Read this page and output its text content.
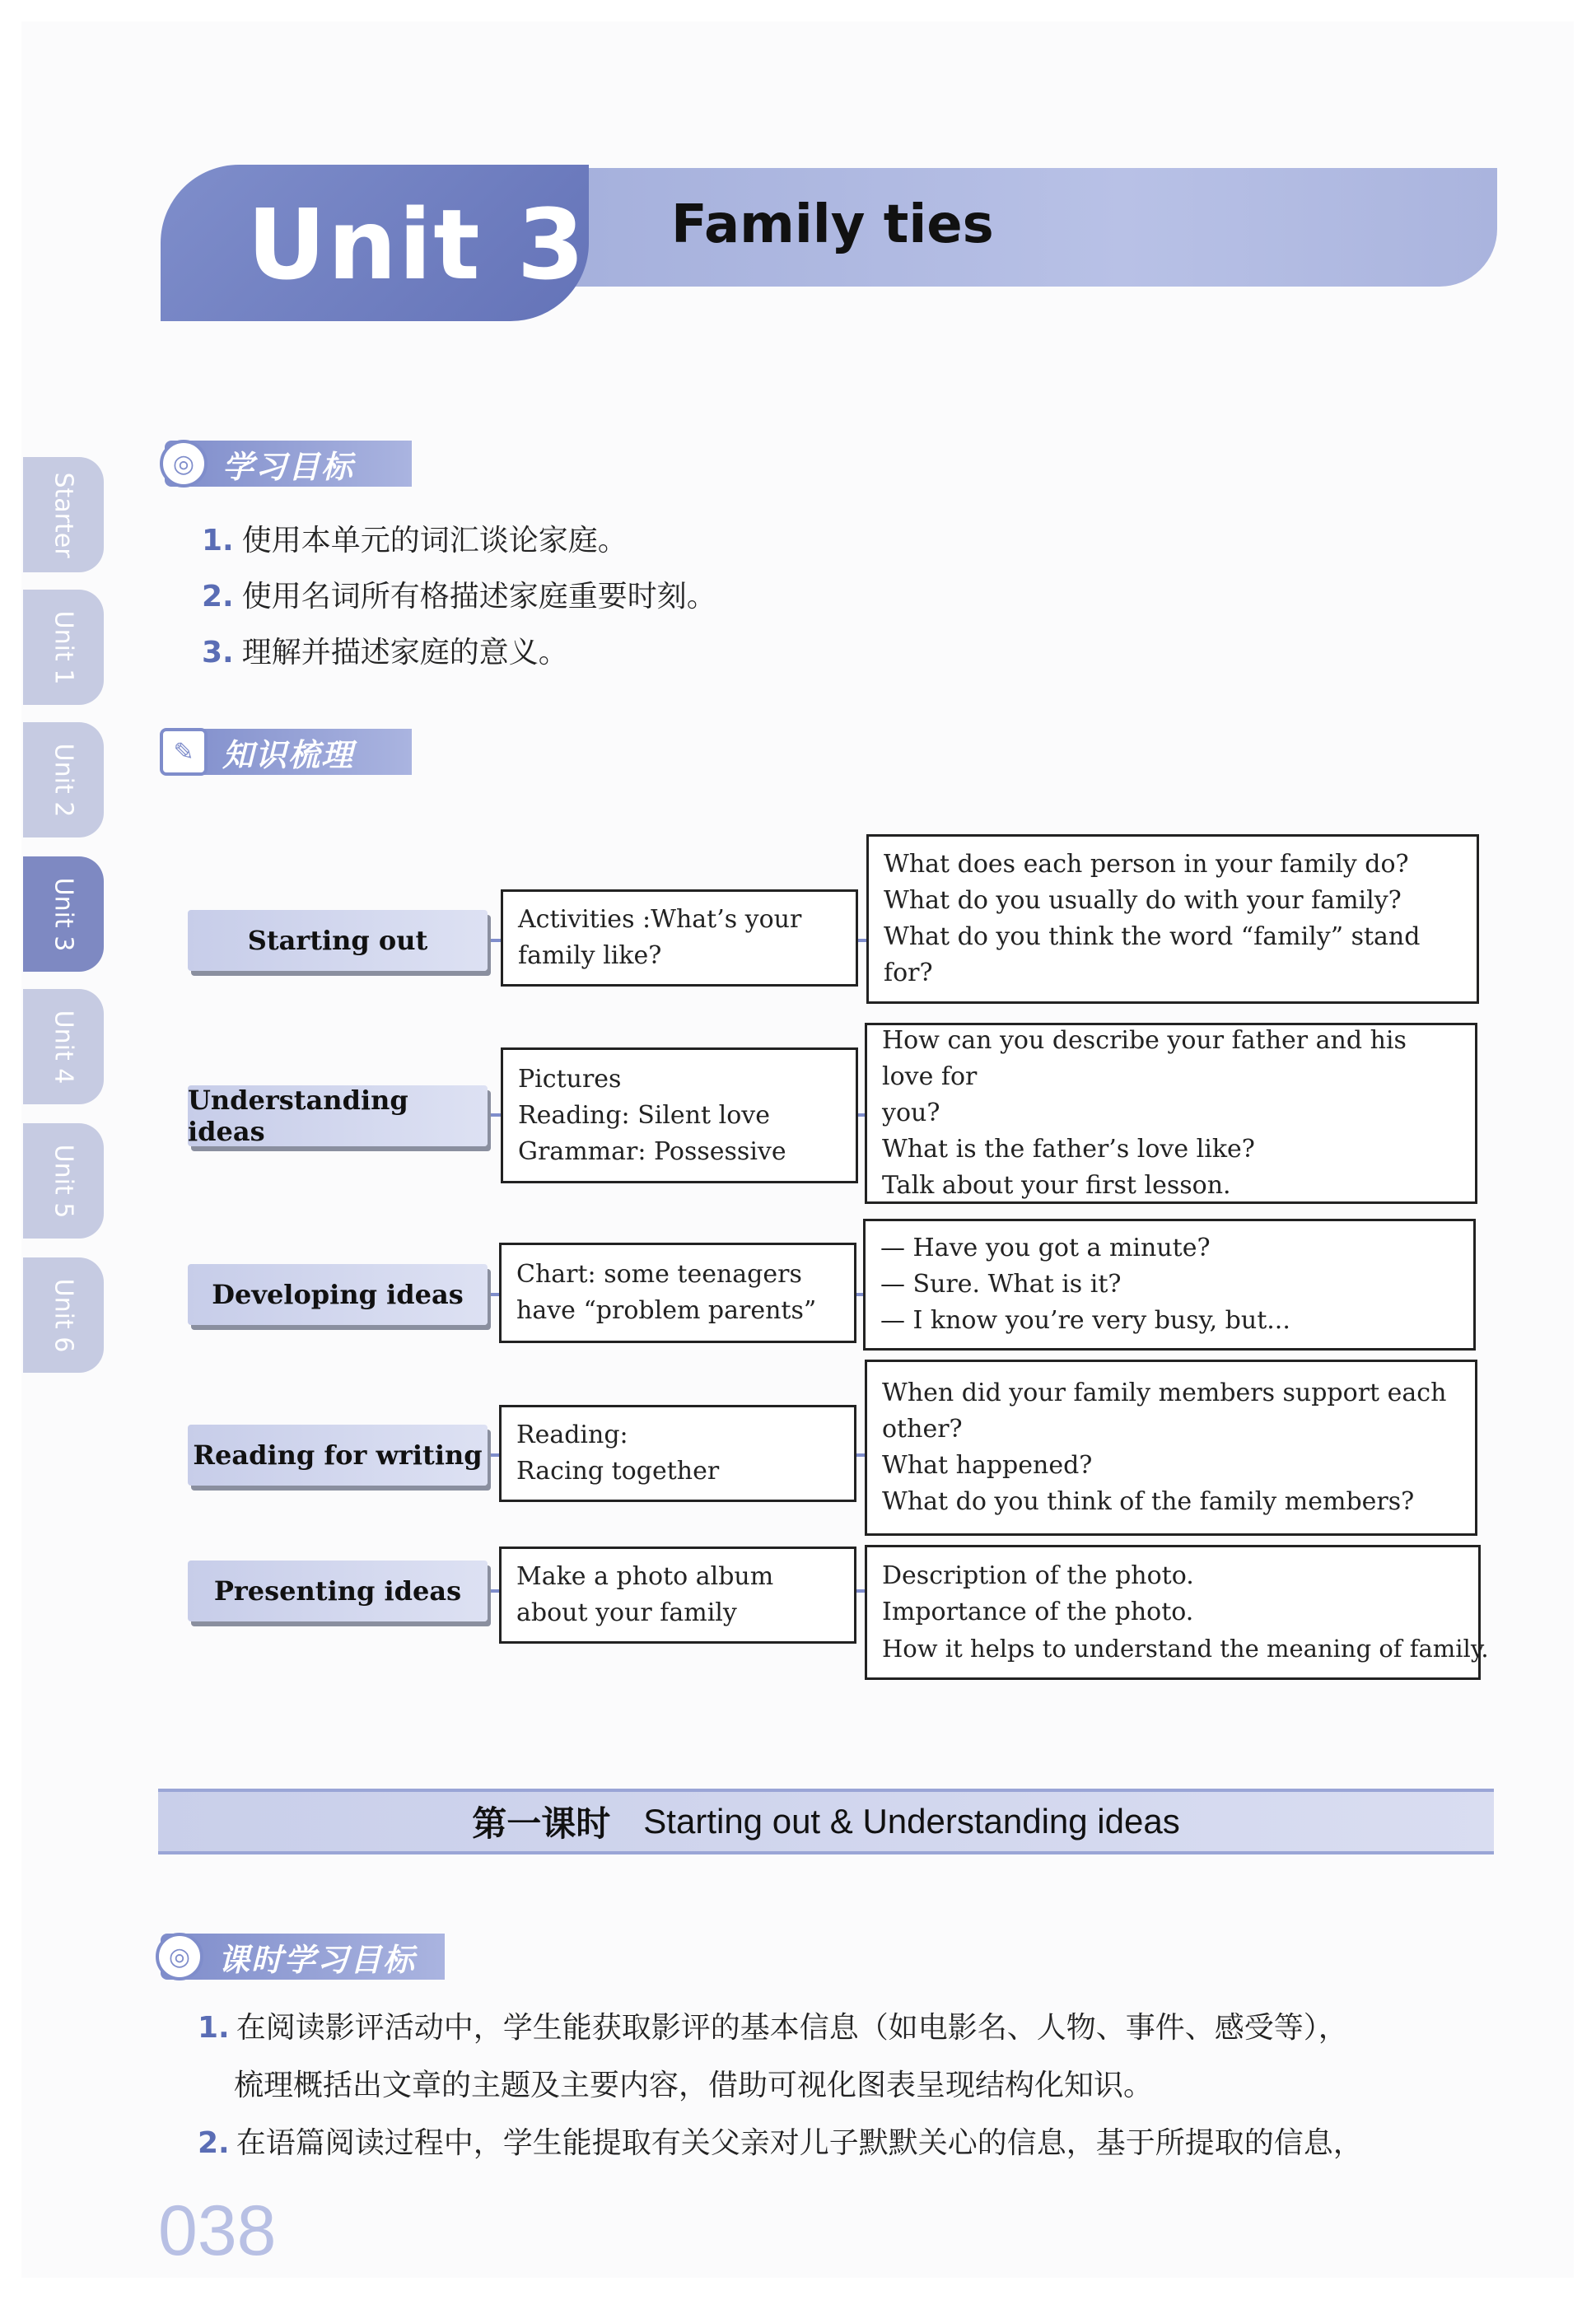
Unit 3 Family ties
Starter
Unit 1
Unit 2
Unit 3
Unit 4
Unit 5
Unit 6
◎ 学习目标
1. 使用本单元的词汇谈论家庭。
2. 使用名词所有格描述家庭重要时刻。
3. 理解并描述家庭的意义。
✎ 知识梳理
Starting out
Activities :What’s your
family like?
What does each person in your family do?
What do you usually do with your family?
What do you think the word “family” stand for?
Understanding ideas
Pictures
Reading: Silent love
Grammar: Possessive
How can you describe your father and his love for
you?
What is the father’s love like?
Talk about your first lesson.
Developing ideas
Chart: some teenagers
have “problem parents”
— Have you got a minute?
— Sure. What is it?
— I know you’re very busy, but...
Reading for writing
Reading:
Racing together
When did your family members support each
other?
What happened?
What do you think of the family members?
Presenting ideas	Make a photo album
about your family
Description of the photo.
Importance of the photo.
How it helps to understand the meaning of family.
第一课时 Starting out & Understanding ideas
◎ 课时学习目标
1. 在阅读影评活动中，学生能获取影评的基本信息（如电影名、人物、事件、感受等），
梳理概括出文章的主题及主要内容，借助可视化图表呈现结构化知识。
2. 在语篇阅读过程中，学生能提取有关父亲对儿子默默关心的信息，基于所提取的信息，
038
